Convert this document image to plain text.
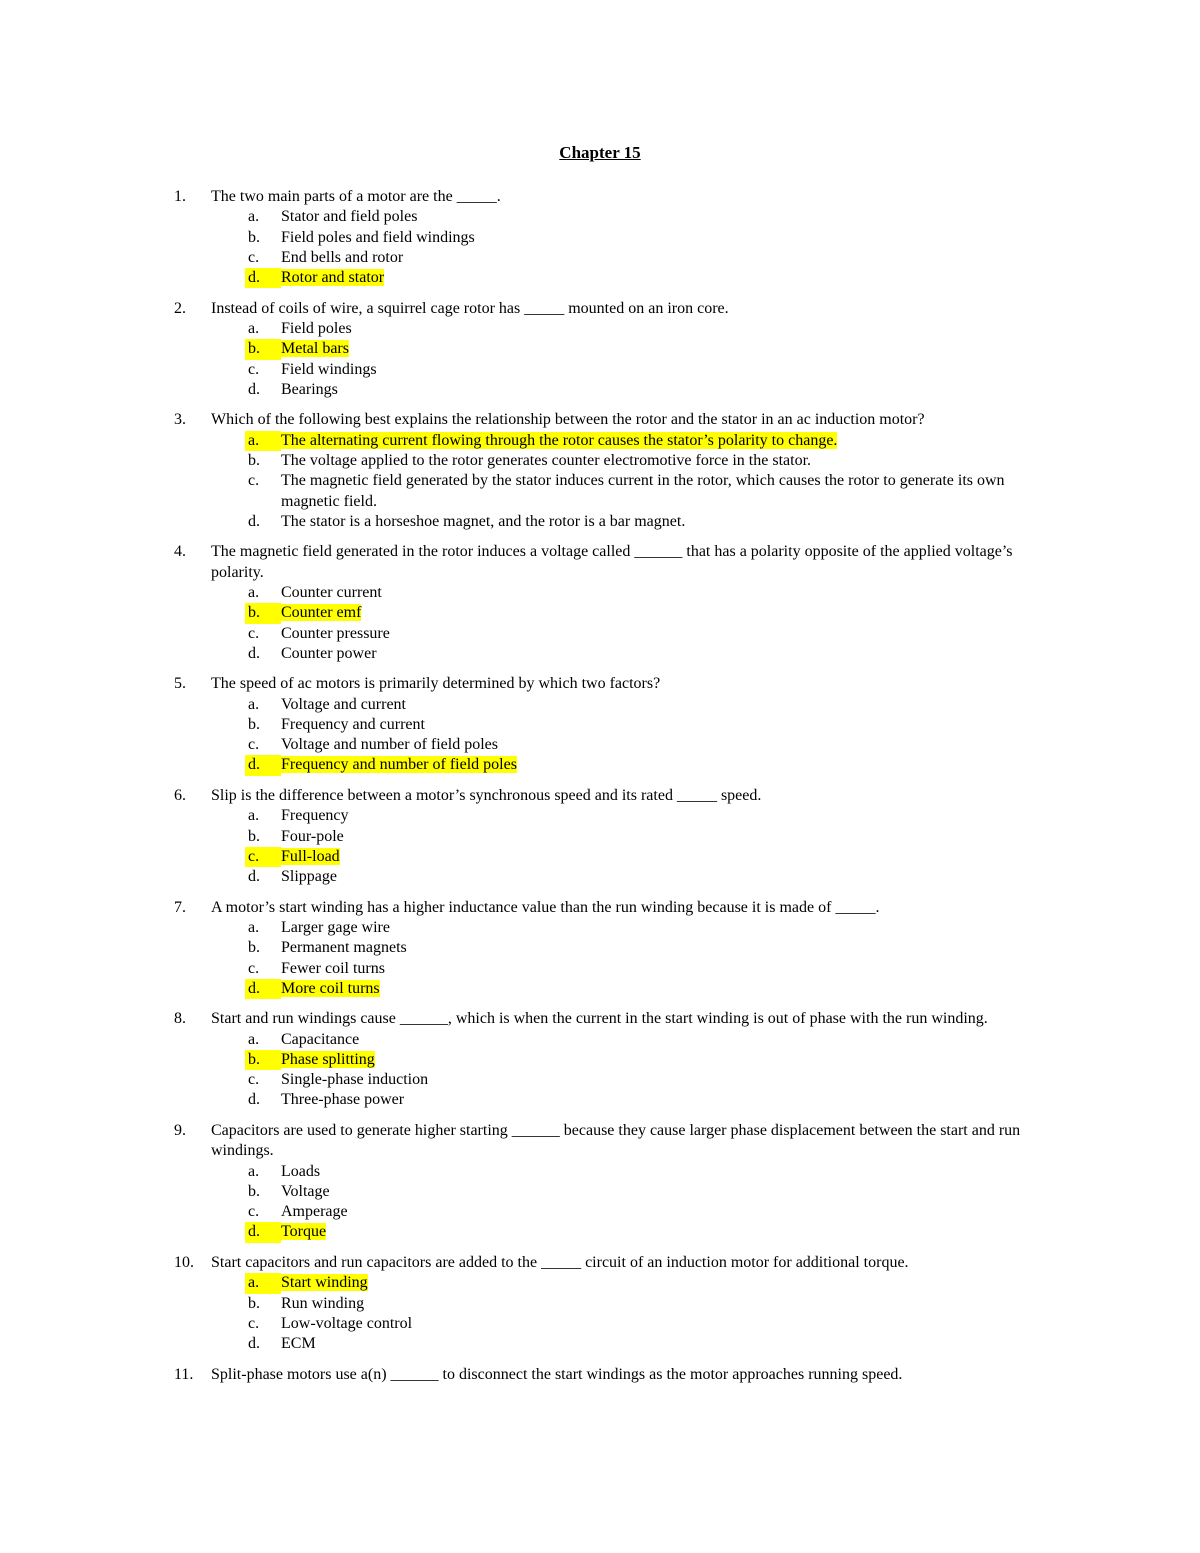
Chapter 15
1.	The two main parts of a motor are the _____.
a. Stator and field poles
b. Field poles and field windings
c. End bells and rotor
d.	Rotor and stator
2.	Instead of coils of wire, a squirrel cage rotor has _____ mounted on an iron core.
a. Field poles
b.	Metal bars
c. Field windings
d. Bearings
3.	Which of the following best explains the relationship between the rotor and the stator in an ac induction motor?
a.	The alternating current flowing through the rotor causes the stator’s polarity to change.
b. The voltage applied to the rotor generates counter electromotive force in the stator.
c. The magnetic field generated by the stator induces current in the rotor, which causes the rotor to generate its own magnetic field.
d. The stator is a horseshoe magnet, and the rotor is a bar magnet.
4.	The magnetic field generated in the rotor induces a voltage called ______ that has a polarity opposite of the applied voltage’s polarity.
a. Counter current
b.	Counter emf
c. Counter pressure
d. Counter power
5.	The speed of ac motors is primarily determined by which two factors?
a. Voltage and current
b. Frequency and current
c. Voltage and number of field poles
d.	Frequency and number of field poles
6.	Slip is the difference between a motor’s synchronous speed and its rated _____ speed.
a. Frequency
b. Four-pole
c.	Full-load
d. Slippage
7.	A motor’s start winding has a higher inductance value than the run winding because it is made of _____.
a. Larger gage wire
b. Permanent magnets
c. Fewer coil turns
d.	More coil turns
8.	Start and run windings cause ______, which is when the current in the start winding is out of phase with the run winding.
a. Capacitance
b.	Phase splitting
c. Single-phase induction
d. Three-phase power
9.	Capacitors are used to generate higher starting ______ because they cause larger phase displacement between the start and run windings.
a. Loads
b. Voltage
c. Amperage
d.	Torque
10.	Start capacitors and run capacitors are added to the _____ circuit of an induction motor for additional torque.
a.	Start winding
b. Run winding
c. Low-voltage control
d. ECM
11.	Split-phase motors use a(n) ______ to disconnect the start windings as the motor approaches running speed.
